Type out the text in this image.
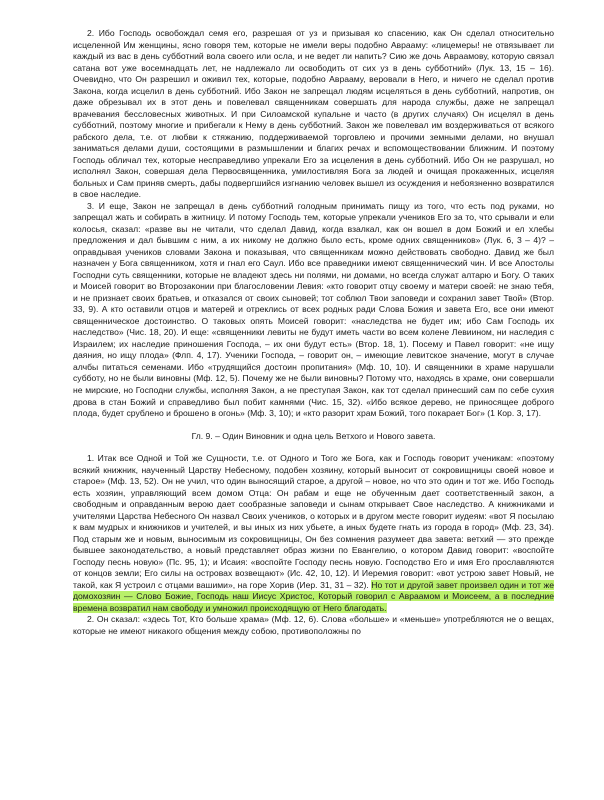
2. Ибо Господь освобождал семя его, разрешая от уз и призывая ко спасению, как Он сделал относительно исцеленной Им женщины, ясно говоря тем, которые не имели веры подобно Аврааму: «лицемеры! не отвязывает ли каждый из вас в день субботний вола своего или осла, и не ведет ли напить? Сию же дочь Авраамову, которую связал сатана вот уже восемнадцать лет, не надлежало ли освободить от сих уз в день субботний» (Лук. 13, 15 – 16). Очевидно, что Он разрешил и оживил тех, которые, подобно Аврааму, веровали в Него, и ничего не сделал против Закона, когда исцелил в день субботний. Ибо Закон не запрещал людям исцеляться в день субботний, напротив, он даже обрезывал их в этот день и повелевал священникам совершать для народа службы, даже не запрещал врачевания бессловесных животных. И при Силоамской купальне и часто (в других случаях) Он исцелял в день субботний, поэтому многие и прибегали к Нему в день субботний. Закон же повелевал им воздерживаться от всякого рабского дела, т.е. от любви к стяжанию, поддерживаемой торговлею и прочими земными делами, но внушал заниматься делами души, состоящими в размышлении и благих речах и вспомоществовании ближним. И поэтому Господь обличал тех, которые несправедливо упрекали Его за исцеления в день субботний. Ибо Он не разрушал, но исполнял Закон, совершая дела Первосвященника, умилостивляя Бога за людей и очищая прокаженных, исцеляя больных и Сам приняв смерть, дабы подвергшийся изгнанию человек вышел из осуждения и небоязненно возвратился в свое наследие.

3. И еще, Закон не запрещал в день субботний голодным принимать пищу из того, что есть под руками, но запрещал жать и собирать в житницу. И потому Господь тем, которые упрекали учеников Его за то, что срывали и ели колосья, сказал: «разве вы не читали, что сделал Давид, когда взалкал, как он вошел в дом Божий и ел хлебы предложения и дал бывшим с ним, а их никому не должно было есть, кроме одних священников» (Лук. 6, 3 – 4)? – оправдывая учеников словами Закона и показывая, что священникам можно действовать свободно. Давид же был назначен у Бога священником, хотя и гнал его Саул. Ибо все праведники имеют священнический чин. И все Апостолы Господни суть священники, которые не владеют здесь ни полями, ни домами, но всегда служат алтарю и Богу. О таких и Моисей говорит во Второзаконии при благословении Левия: «кто говорит отцу своему и матери своей: не знаю тебя, и не признает своих братьев, и отказался от своих сыновей; тот соблюл Твои заповеди и сохранил завет Твой» (Втор. 33, 9). А кто оставили отцов и матерей и отреклись от всех родных ради Слова Божия и завета Его, все они имеют священническое достоинство. О таковых опять Моисей говорит: «наследства не будет им; ибо Сам Господь их наследство» (Чис. 18, 20). И еще: «священники левиты не будут иметь части во всем колене Левиином, ни наследия с Израилем; их наследие приношения Господа, – их они будут есть» (Втор. 18, 1). Посему и Павел говорит: «не ищу даяния, но ищу плода» (Флп. 4, 17). Ученики Господа, – говорит он, – имеющие левитское значение, могут в случае алчбы питаться семенами. Ибо «трудящийся достоин пропитания» (Мф. 10, 10). И священники в храме нарушали субботу, но не были виновны (Мф. 12, 5). Почему же не были виновны? Потому что, находясь в храме, они совершали не мирские, но Господни службы, исполняя Закон, а не преступая Закон, как тот сделал принесший сам по себе сухия дрова в стан Божий и справедливо был побит камнями (Чис. 15, 32). «Ибо всякое дерево, не приносящее доброго плода, будет срублено и брошено в огонь» (Мф. 3, 10); и «кто разорит храм Божий, того покарает Бог» (1 Кор. 3, 17).

Гл. 9. – Один Виновник и одна цель Ветхого и Нового завета.

1. Итак все Одной и Той же Сущности, т.е. от Одного и Того же Бога, как и Господь говорит ученикам: «поэтому всякий книжник, наученный Царству Небесному, подобен хозяину, который выносит от сокровищницы своей новое и старое» (Мф. 13, 52). Он не учил, что один выносящий старое, а другой – новое, но что это один и тот же. Ибо Господь есть хозяин, управляющий всем домом Отца: Он рабам и еще не обученным дает соответственный закон, а свободным и оправданным верою дает сообразные заповеди и сынам открывает Свое наследство. А книжниками и учителями Царства Небесного Он назвал Своих учеников, о которых и в другом месте говорит иудеям: «вот Я посылаю к вам мудрых и книжников и учителей, и вы иных из них убьете, а иных будете гнать из города в город» (Мф. 23, 34). Под старым же и новым, выносимым из сокровищницы, Он без сомнения разумеет два завета: ветхий — это прежде бывшее законодательство, а новый представляет образ жизни по Евангелию, о котором Давид говорит: «воспойте Господу песнь новую» (Пс. 95, 1); и Исаия: «воспойте Господу песнь новую. Господство Его и имя Его прославляются от концов земли; Его силы на островах возвещают» (Ис. 42, 10, 12). И Иеремия говорит: «вот устрою завет Новый, не такой, как Я устроил с отцами вашими», на горе Хорив (Иер. 31, 31 – 32). Но тот и другой завет произвел один и тот же домохозяин — Слово Божие, Господь наш Иисус Христос, Который говорил с Авраамом и Моисеем, а в последние времена возвратил нам свободу и умножил происходящую от Него благодать.

2. Он сказал: «здесь Тот, Кто больше храма» (Мф. 12, 6). Слова «больше» и «меньше» употребляются не о вещах, которые не имеют никакого общения между собою, противоположны по
